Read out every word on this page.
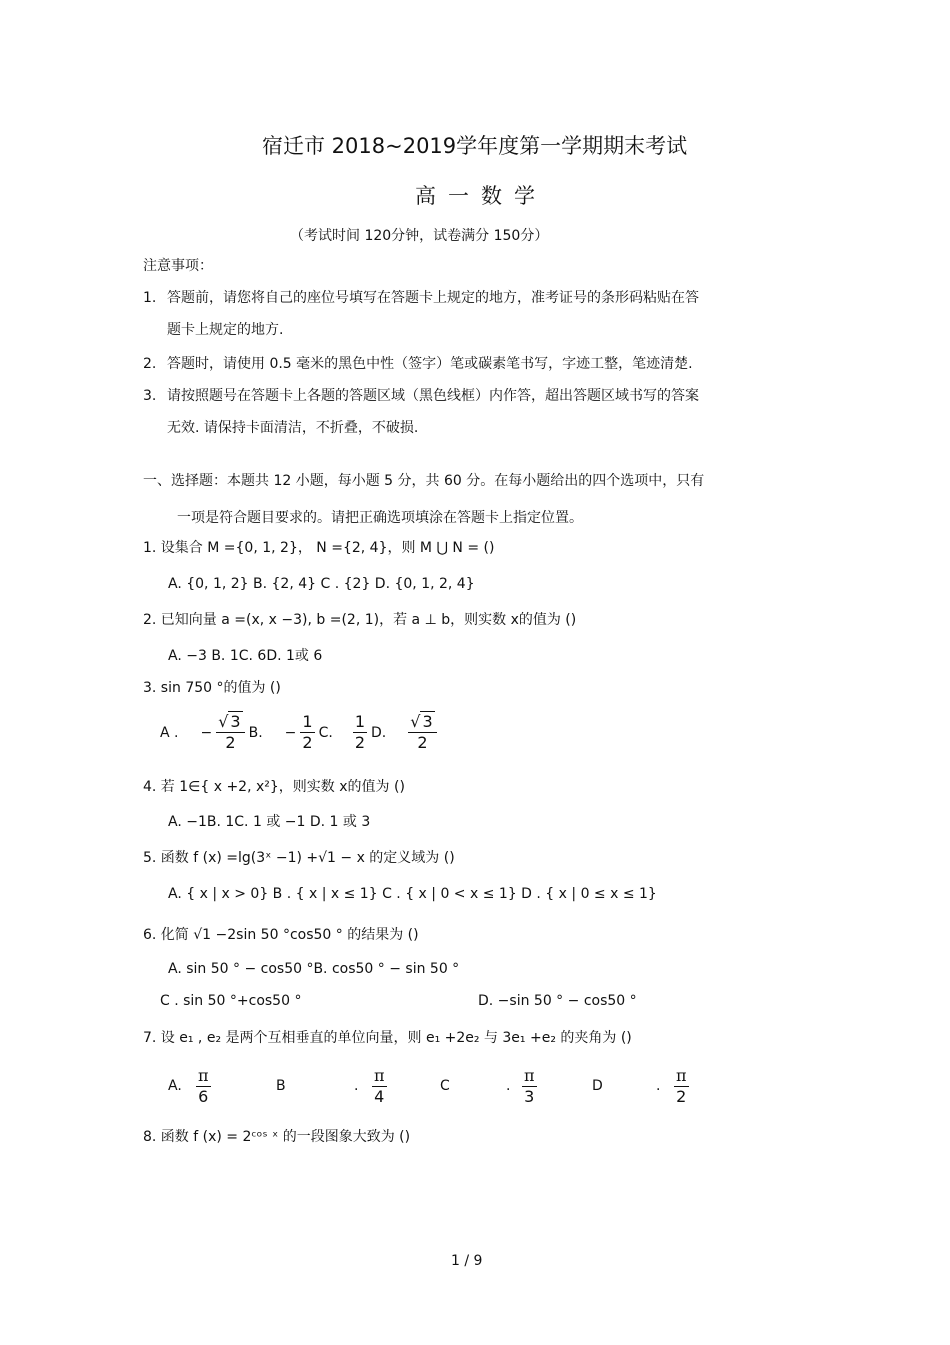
宿迁市 2018~2019学年度第一学期期末考试
高一数学
（考试时间 120分钟，试卷满分 150分）
注意事项：
1. 答题前，请您将自己的座位号填写在答题卡上规定的地方，准考证号的条形码粘贴在答
题卡上规定的地方.
2. 答题时，请使用 0.5 毫米的黑色中性（签字）笔或碳素笔书写，字迹工整，笔迹清楚.
3. 请按照题号在答题卡上各题的答题区域（黑色线框）内作答，超出答题区域书写的答案
无效. 请保持卡面清洁，不折叠，不破损.
一、选择题：本题共 12 小题，每小题 5 分，共 60 分。在每小题给出的四个选项中，只有
一项是符合题目要求的。请把正确选项填涂在答题卡上指定位置。
1. 设集合 M ={0, 1, 2}， N ={2, 4}，则 M ⋃ N = ()
A. {0, 1, 2} B. {2, 4} C . {2} D. {0, 1, 2, 4}
2. 已知向量 a =(x, x −3), b =(2, 1)，若 a ⊥ b，则实数 x的值为 ()
A. −3 B. 1C. 6D. 1或 6
3. sin 750 °的值为 ()
A . − $\frac{√ 3}{2} B$. − $\frac{1}{2} C$. $\frac{1}{2} D$. $\frac{√ 3}{2}$
4. 若 1∈{ x +2, x²}，则实数 x的值为 ()
A. −1B. 1C. 1 或 −1 D. 1 或 3
5. 函数 f (x) =lg(3ˣ −1) +√1 − x 的定义域为 ()
A. { x | x > 0} B . { x | x ≤ 1} C . { x | 0 < x ≤ 1} D . { x | 0 ≤ x ≤ 1}
6. 化简 √1 −2sin 50 °cos50 ° 的结果为 ()
A. sin 50 ° − cos50 °B. cos50 ° − sin 50 °
C . sin 50 °+cos50 °	D. −sin 50 ° − cos50 °
7. 设 e₁ , e₂ 是两个互相垂直的单位向量，则 e₁ +2e₂ 与 3e₁ +e₂ 的夹角为 ()
A.
π
6
B	.
π
4
C	.
π
3
D	.
π
2
8. 函数 f (x) = 2ᶜᵒˢ ˣ 的一段图象大致为 ()
1 / 9
